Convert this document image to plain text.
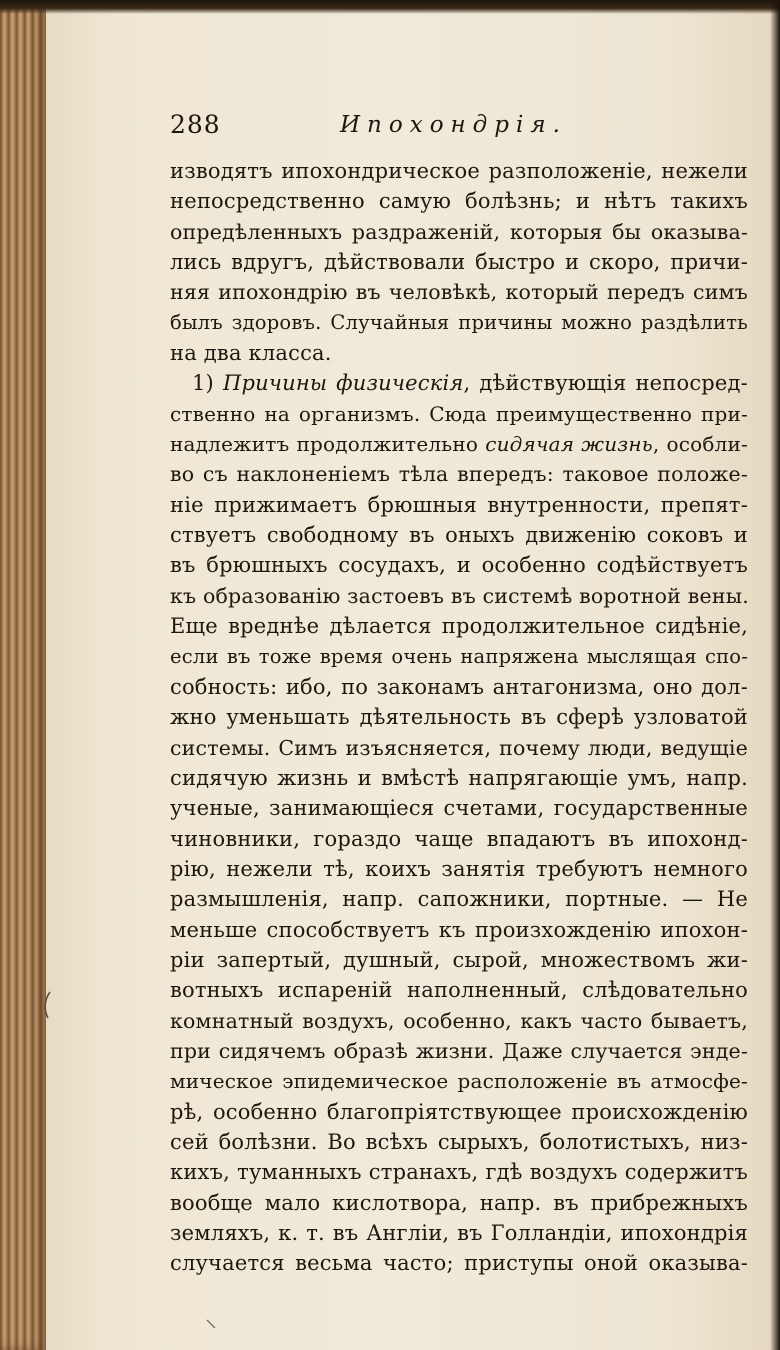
288	Ипохондрiя.
изводятъ ипохондрическое разположенiе, нежели
непосредственно самую болѣзнь; и нѣтъ такихъ
опредѣленныхъ раздраженiй, которыя бы оказыва-
лись вдругъ, дѣйствовали быстро и скоро, причи-
няя ипохондрiю въ человѣкѣ, который передъ симъ
былъ здоровъ. Случайныя причины можно раздѣлить
на два класса.
1) Причины физическiя, дѣйствующiя непосред-
ственно на организмъ. Сюда преимущественно при-
надлежитъ продолжительно сидячая жизнь, особли-
во съ наклоненiемъ тѣла впередъ: таковое положе-
нiе прижимаетъ брюшныя внутренности, препят-
ствуетъ свободному въ оныхъ движенiю соковъ и
въ брюшныхъ сосудахъ, и особенно содѣйствуетъ
къ образованiю застоевъ въ системѣ воротной вены.
Еще вреднѣе дѣлается продолжительное сидѣнiе,
если въ тоже время очень напряжена мыслящая спо-
собность: ибо, по законамъ антагонизма, оно дол-
жно уменьшать дѣятельность въ сферѣ узловатой
системы. Симъ изъясняется, почему люди, ведущiе
сидячую жизнь и вмѣстѣ напрягающiе умъ, напр.
ученые, занимающiеся счетами, государственные
чиновники, гораздо чаще впадаютъ въ ипохонд-
рiю, нежели тѣ, коихъ занятiя требуютъ немного
размышленiя, напр. сапожники, портные. — Не
меньше способствуетъ къ произхожденiю ипохон-
рiи запертый, душный, сырой, множествомъ жи-
вотныхъ испаренiй наполненный, слѣдовательно
комнатный воздухъ, особенно, какъ часто бываетъ,
при сидячемъ образѣ жизни. Даже случается энде-
мическое эпидемическое расположенiе въ атмосфе-
рѣ, особенно благопрiятствующее происхожденiю
сей болѣзни. Во всѣхъ сырыхъ, болотистыхъ, низ-
кихъ, туманныхъ странахъ, гдѣ воздухъ содержитъ
вообще мало кислотвора, напр. въ прибрежныхъ
земляхъ, к. т. въ Англiи, въ Голландiи, ипохондрiя
случается весьма часто; приступы оной оказыва-
